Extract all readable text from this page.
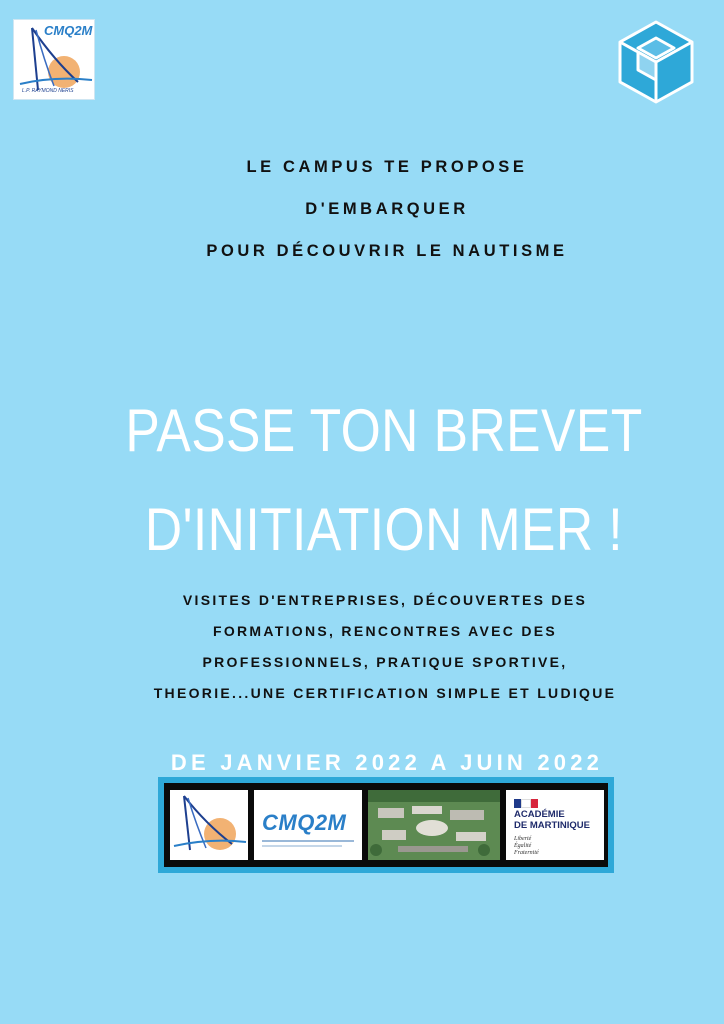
CMQ2M
L.P. RAYMOND NERIS
LE CAMPUS TE PROPOSE
D'EMBARQUER
POUR DÉCOUVRIR LE NAUTISME
PASSE TON BREVET
D'INITIATION MER !
VISITES D'ENTREPRISES, DÉCOUVERTES DES
FORMATIONS, RENCONTRES AVEC DES
PROFESSIONNELS, PRATIQUE SPORTIVE,
THEORIE...UNE CERTIFICATION SIMPLE ET LUDIQUE
DE JANVIER 2022 A JUIN 2022
CMQ2M	ACADÉMIE
DE MARTINIQUE
Liberté
Égalité
Fraternité
